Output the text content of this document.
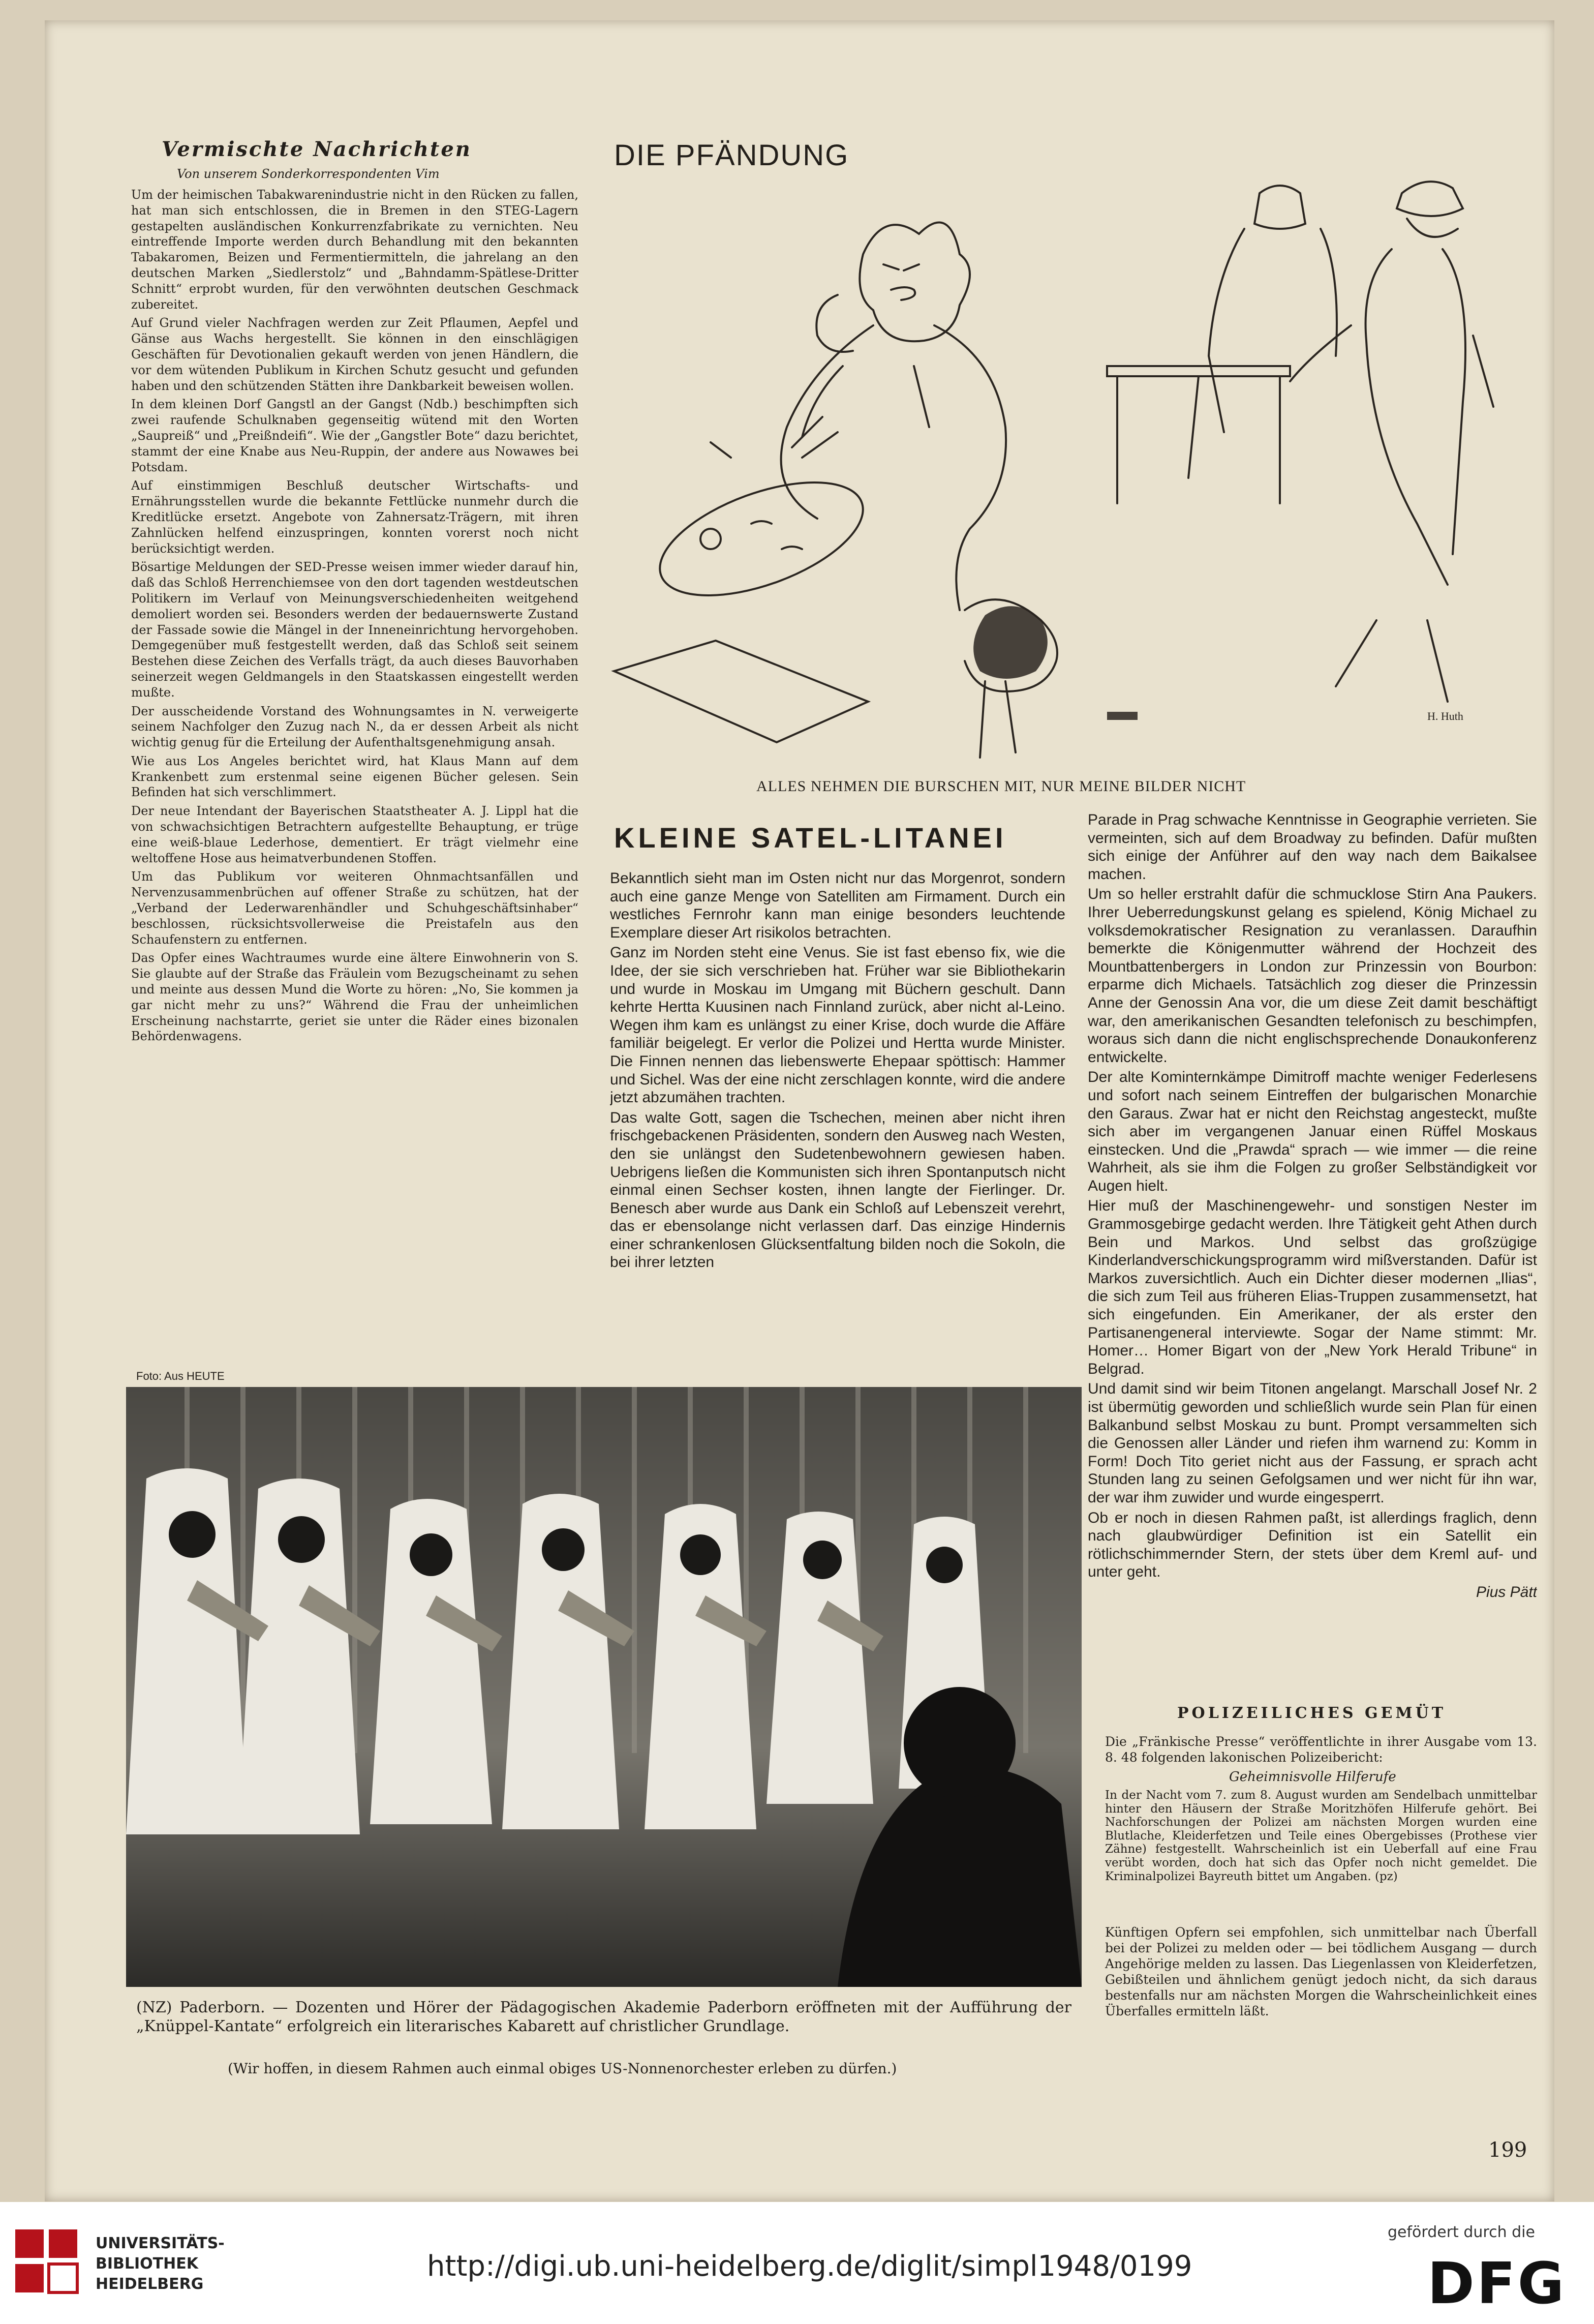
Vermischte Nachrichten
Von unserem Sonderkorrespondenten Vim

Um der heimischen Tabakwarenindustrie nicht in den Rücken zu fallen, hat man sich entschlossen, die in Bremen in den STEG-Lagern gestapelten ausländischen Konkurrenzfabrikate zu vernichten. Neu eintreffende Importe werden durch Behandlung mit den bekannten Tabakaromen, Beizen und Fermentiermitteln, die jahrelang an den deutschen Marken „Siedlerstolz“ und „Bahndamm-Spätlese-Dritter Schnitt“ erprobt wurden, für den verwöhnten deutschen Geschmack zubereitet.

Auf Grund vieler Nachfragen werden zur Zeit Pflaumen, Aepfel und Gänse aus Wachs hergestellt. Sie können in den einschlägigen Geschäften für Devotionalien gekauft werden von jenen Händlern, die vor dem wütenden Publikum in Kirchen Schutz gesucht und gefunden haben und den schützenden Stätten ihre Dankbarkeit beweisen wollen.

In dem kleinen Dorf Gangstl an der Gangst (Ndb.) beschimpften sich zwei raufende Schulknaben gegenseitig wütend mit den Worten „Saupreiß“ und „Preißndeifi“. Wie der „Gangstler Bote“ dazu berichtet, stammt der eine Knabe aus Neu-Ruppin, der andere aus Nowawes bei Potsdam.

Auf einstimmigen Beschluß deutscher Wirtschafts- und Ernährungsstellen wurde die bekannte Fettlücke nunmehr durch die Kreditlücke ersetzt. Angebote von Zahnersatz-Trägern, mit ihren Zahnlücken helfend einzuspringen, konnten vorerst noch nicht berücksichtigt werden.

Bösartige Meldungen der SED-Presse weisen immer wieder darauf hin, daß das Schloß Herrenchiemsee von den dort tagenden westdeutschen Politikern im Verlauf von Meinungsverschiedenheiten weitgehend demoliert worden sei. Besonders werden der bedauernswerte Zustand der Fassade sowie die Mängel in der Inneneinrichtung hervorgehoben. Demgegenüber muß festgestellt werden, daß das Schloß seit seinem Bestehen diese Zeichen des Verfalls trägt, da auch dieses Bauvorhaben seinerzeit wegen Geldmangels in den Staatskassen eingestellt werden mußte.

Der ausscheidende Vorstand des Wohnungsamtes in N. verweigerte seinem Nachfolger den Zuzug nach N., da er dessen Arbeit als nicht wichtig genug für die Erteilung der Aufenthaltsgenehmigung ansah.

Wie aus Los Angeles berichtet wird, hat Klaus Mann auf dem Krankenbett zum erstenmal seine eigenen Bücher gelesen. Sein Befinden hat sich verschlimmert.

Der neue Intendant der Bayerischen Staatstheater A. J. Lippl hat die von schwachsichtigen Betrachtern aufgestellte Behauptung, er trüge eine weiß-blaue Lederhose, dementiert. Er trägt vielmehr eine weltoffene Hose aus heimatverbundenen Stoffen.

Um das Publikum vor weiteren Ohnmachtsanfällen und Nervenzusammenbrüchen auf offener Straße zu schützen, hat der „Verband der Lederwarenhändler und Schuhgeschäftsinhaber“ beschlossen, rücksichtsvollerweise die Preistafeln aus den Schaufenstern zu entfernen.

Das Opfer eines Wachtraumes wurde eine ältere Einwohnerin von S. Sie glaubte auf der Straße das Fräulein vom Bezugscheinamt zu sehen und meinte aus dessen Mund die Worte zu hören: „No, Sie kommen ja gar nicht mehr zu uns?“ Während die Frau der unheimlichen Erscheinung nachstarrte, geriet sie unter die Räder eines bizonalen Behördenwagens.

Foto: Aus HEUTE
DIE PFÄNDUNG
H. Huth
ALLES NEHMEN DIE BURSCHEN MIT, NUR MEINE BILDER NICHT
KLEINE SATEL-LITANEI

Bekanntlich sieht man im Osten nicht nur das Morgenrot, sondern auch eine ganze Menge von Satelliten am Firmament. Durch ein westliches Fernrohr kann man einige besonders leuchtende Exemplare dieser Art risikolos betrachten.

Ganz im Norden steht eine Venus. Sie ist fast ebenso fix, wie die Idee, der sie sich verschrieben hat. Früher war sie Bibliothekarin und wurde in Moskau im Umgang mit Büchern geschult. Dann kehrte Hertta Kuusinen nach Finnland zurück, aber nicht al-Leino. Wegen ihm kam es unlängst zu einer Krise, doch wurde die Affäre familiär beigelegt. Er verlor die Polizei und Hertta wurde Minister. Die Finnen nennen das liebenswerte Ehepaar spöttisch: Hammer und Sichel. Was der eine nicht zerschlagen konnte, wird die andere jetzt abzumähen trachten.

Das walte Gott, sagen die Tschechen, meinen aber nicht ihren frischgebackenen Präsidenten, sondern den Ausweg nach Westen, den sie unlängst den Sudetenbewohnern gewiesen haben. Uebrigens ließen die Kommunisten sich ihren Spontanputsch nicht einmal einen Sechser kosten, ihnen langte der Fierlinger. Dr. Benesch aber wurde aus Dank ein Schloß auf Lebenszeit verehrt, das er ebensolange nicht verlassen darf. Das einzige Hindernis einer schrankenlosen Glücksentfaltung bilden noch die Sokoln, die bei ihrer letzten

Parade in Prag schwache Kenntnisse in Geographie verrieten. Sie vermeinten, sich auf dem Broadway zu befinden. Dafür mußten sich einige der Anführer auf den way nach dem Baikalsee machen.

Um so heller erstrahlt dafür die schmucklose Stirn Ana Paukers. Ihrer Ueberredungskunst gelang es spielend, König Michael zu volksdemokratischer Resignation zu veranlassen. Daraufhin bemerkte die Königenmutter während der Hochzeit des Mountbattenbergers in London zur Prinzessin von Bourbon: erparme dich Michaels. Tatsächlich zog dieser die Prinzessin Anne der Genossin Ana vor, die um diese Zeit damit beschäftigt war, den amerikanischen Gesandten telefonisch zu beschimpfen, woraus sich dann die nicht englischsprechende Donaukonferenz entwickelte.

Der alte Kominternkämpe Dimitroff machte weniger Federlesens und sofort nach seinem Eintreffen der bulgarischen Monarchie den Garaus. Zwar hat er nicht den Reichstag angesteckt, mußte sich aber im vergangenen Januar einen Rüffel Moskaus einstecken. Und die „Prawda“ sprach — wie immer — die reine Wahrheit, als sie ihm die Folgen zu großer Selbständigkeit vor Augen hielt.

Hier muß der Maschinengewehr- und sonstigen Nester im Grammosgebirge gedacht werden. Ihre Tätigkeit geht Athen durch Bein und Markos. Und selbst das großzügige Kinderlandverschickungsprogramm wird mißverstanden. Dafür ist Markos zuversichtlich. Auch ein Dichter dieser modernen „Ilias“, die sich zum Teil aus früheren Elias-Truppen zusammensetzt, hat sich eingefunden. Ein Amerikaner, der als erster den Partisanengeneral interviewte. Sogar der Name stimmt: Mr. Homer… Homer Bigart von der „New York Herald Tribune“ in Belgrad.

Und damit sind wir beim Titonen angelangt. Marschall Josef Nr. 2 ist übermütig geworden und schließlich wurde sein Plan für einen Balkanbund selbst Moskau zu bunt. Prompt versammelten sich die Genossen aller Länder und riefen ihm warnend zu: Komm in Form! Doch Tito geriet nicht aus der Fassung, er sprach acht Stunden lang zu seinen Gefolgsamen und wer nicht für ihn war, der war ihm zuwider und wurde eingesperrt.

Ob er noch in diesen Rahmen paßt, ist allerdings fraglich, denn nach glaubwürdiger Definition ist ein Satellit ein rötlichschimmernder Stern, der stets über dem Kreml auf- und unter geht.

Pius Pätt

(NZ) Paderborn. — Dozenten und Hörer der Pädagogischen Akademie Paderborn eröffneten mit der Aufführung der „Knüppel-Kantate“ erfolgreich ein literarisches Kabarett auf christlicher Grundlage.
(Wir hoffen, in diesem Rahmen auch einmal obiges US-Nonnenorchester erleben zu dürfen.)
POLIZEILICHES GEMÜT
Die „Fränkische Presse“ veröffentlichte in ihrer Ausgabe vom 13. 8. 48 folgenden lakonischen Polizeibericht:
Geheimnisvolle Hilferufe
In der Nacht vom 7. zum 8. August wurden am Sendelbach unmittelbar hinter den Häusern der Straße Moritzhöfen Hilferufe gehört. Bei Nachforschungen der Polizei am nächsten Morgen wurden eine Blutlache, Kleiderfetzen und Teile eines Obergebisses (Prothese vier Zähne) festgestellt. Wahrscheinlich ist ein Ueberfall auf eine Frau verübt worden, doch hat sich das Opfer noch nicht gemeldet. Die Kriminalpolizei Bayreuth bittet um Angaben. (pz)
Künftigen Opfern sei empfohlen, sich unmittelbar nach Überfall bei der Polizei zu melden oder — bei tödlichem Ausgang — durch Angehörige melden zu lassen. Das Liegenlassen von Kleiderfetzen, Gebißteilen und ähnlichem genügt jedoch nicht, da sich daraus bestenfalls nur am nächsten Morgen die Wahrscheinlichkeit eines Überfalles ermitteln läßt.
199
UNIVERSITÄTS-
BIBLIOTHEK
HEIDELBERG
http://digi.ub.uni-heidelberg.de/diglit/simpl1948/0199
gefördert durch die
DFG
